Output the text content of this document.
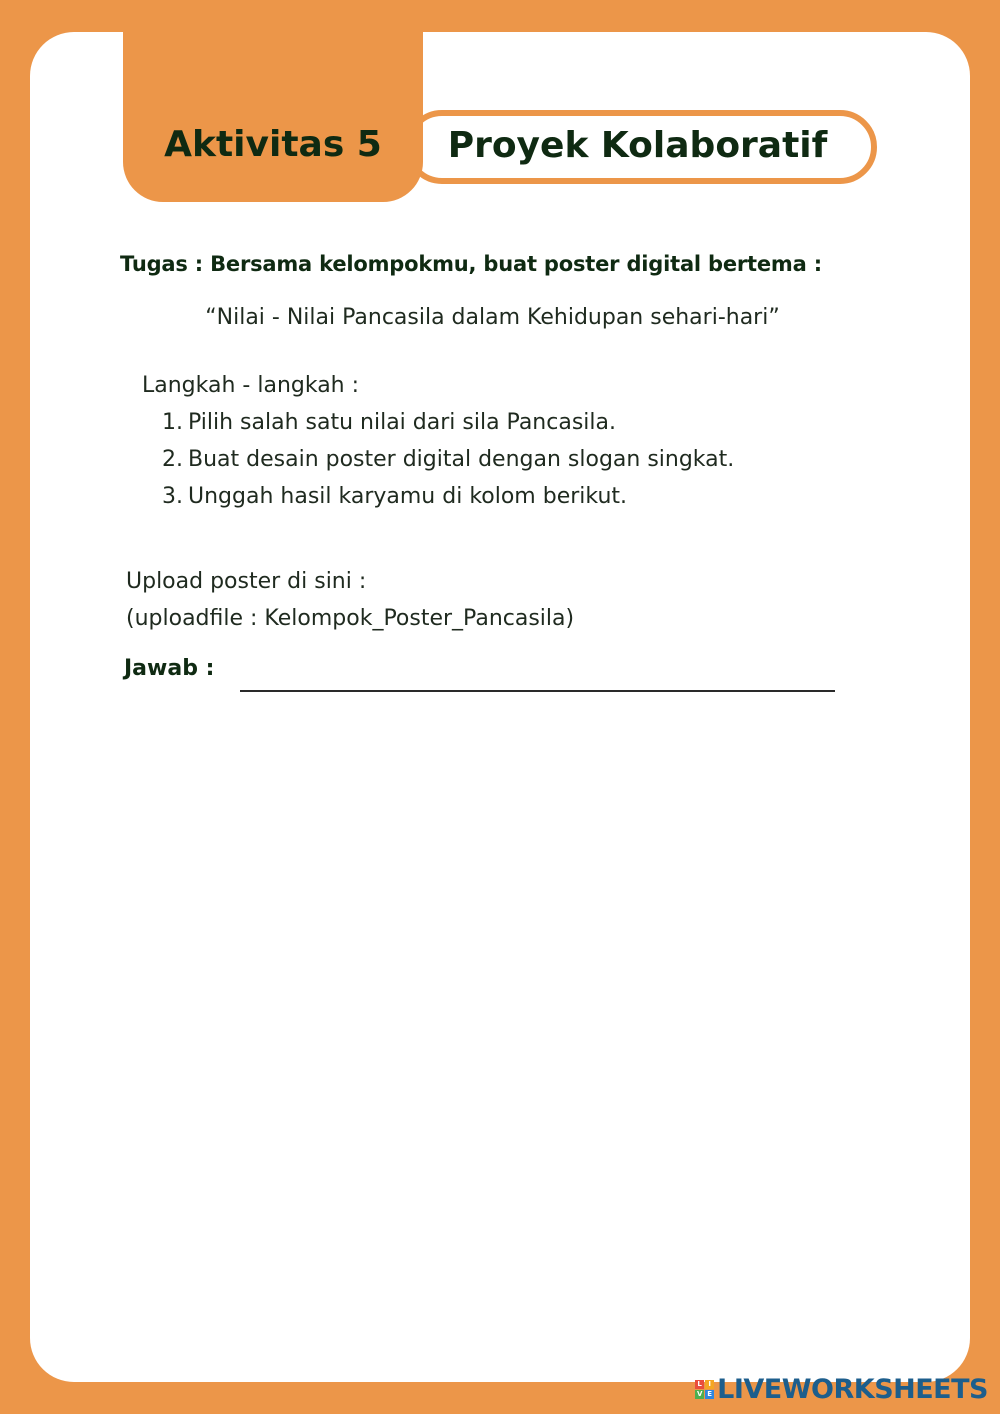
Proyek Kolaboratif
Aktivitas 5
Tugas : Bersama kelompokmu, buat poster digital bertema :
“Nilai - Nilai Pancasila dalam Kehidupan sehari-hari”
Langkah - langkah :
1. Pilih salah satu nilai dari sila Pancasila.
2. Buat desain poster digital dengan slogan singkat.
3. Unggah hasil karyamu di kolom berikut.
Upload poster di sini :
(uploadfile : Kelompok_Poster_Pancasila)
Jawab :
L I
V E LIVEWORKSHEETS
